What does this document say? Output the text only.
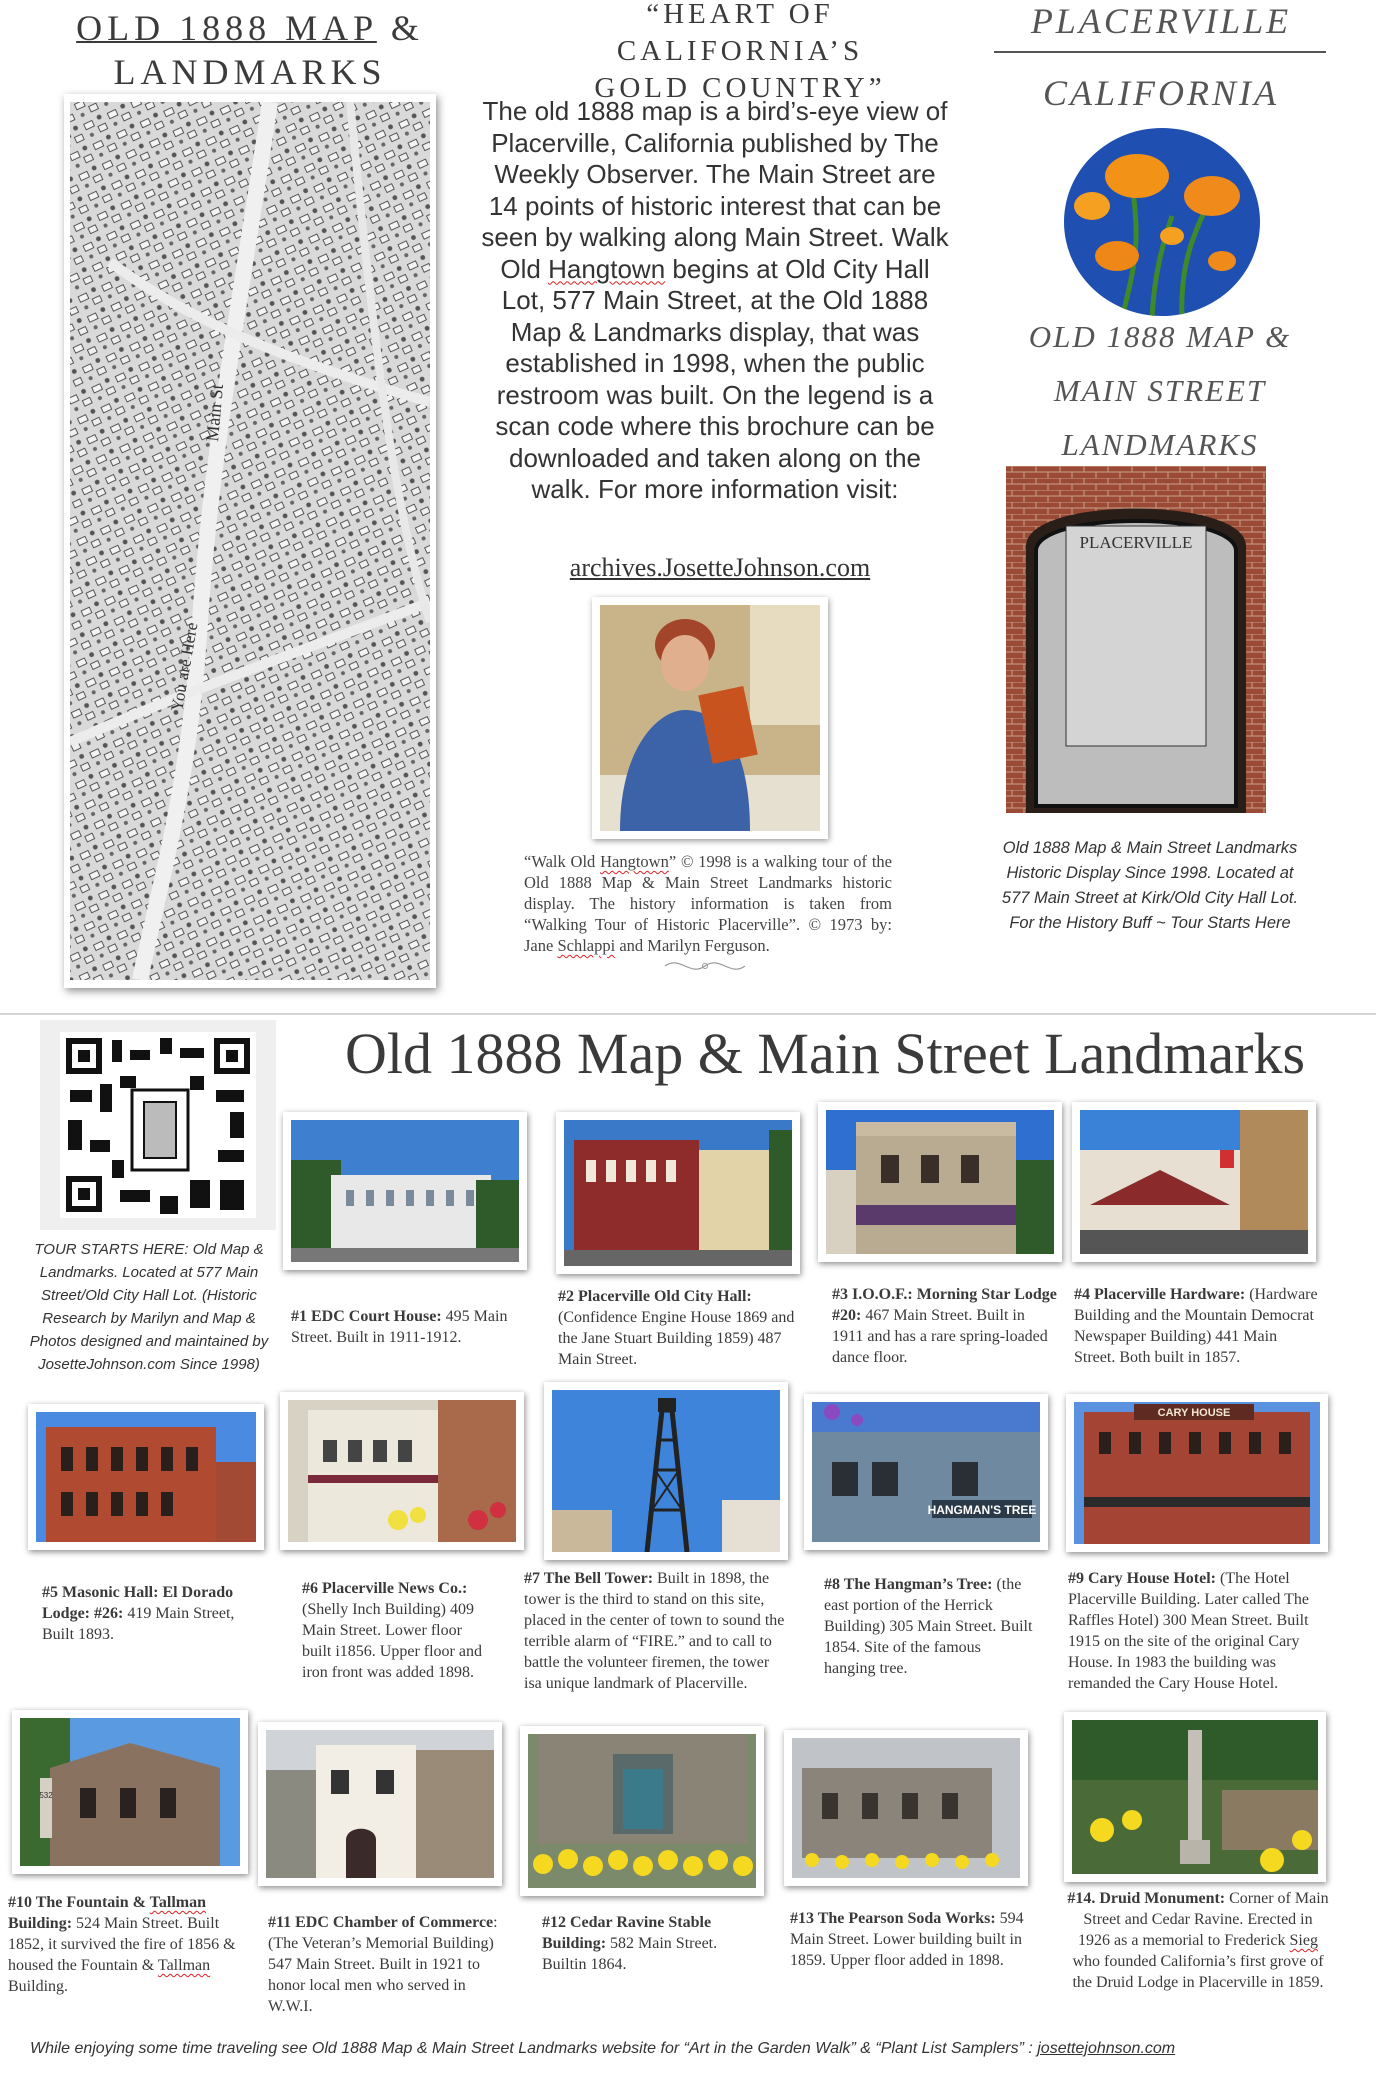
OLD 1888 MAP &
LANDMARKS
Main St
You are Here
“HEART OF
CALIFORNIA’S
GOLD COUNTRY”
The old 1888 map is a bird’s-eye view of Placerville, California published by The Weekly Observer. The Main Street are 14 points of historic interest that can be seen by walking along Main Street. Walk Old Hangtown begins at Old City Hall Lot, 577 Main Street, at the Old 1888 Map & Landmarks display, that was established in 1998, when the public restroom was built. On the legend is a scan code where this brochure can be downloaded and taken along on the walk. For more information visit:
archives.JosetteJohnson.com
“Walk Old Hangtown” © 1998 is a walking tour of the Old 1888 Map & Main Street Landmarks historic display. The history information is taken from “Walking Tour of Historic Placerville”. © 1973 by: Jane Schlappi and Marilyn Ferguson.
PLACERVILLE
CALIFORNIA
OLD 1888 MAP &
MAIN STREET
LANDMARKS
PLACERVILLE
Old 1888 Map & Main Street Landmarks Historic Display Since 1998. Located at 577 Main Street at Kirk/Old City Hall Lot. For the History Buff ~ Tour Starts Here
TOUR STARTS HERE: Old Map & Landmarks. Located at 577 Main Street/Old City Hall Lot. (Historic Research by Marilyn and Map & Photos designed and maintained by JosetteJohnson.com Since 1998)
Old 1888 Map & Main Street Landmarks
#1 EDC Court House: 495 Main Street. Built in 1911-1912.
#2 Placerville Old City Hall: (Confidence Engine House 1869 and the Jane Stuart Building 1859) 487 Main Street.
#3 I.O.O.F.: Morning Star Lodge #20: 467 Main Street. Built in 1911 and has a rare spring-loaded dance floor.
#4 Placerville Hardware: (Hardware Building and the Mountain Democrat Newspaper Building) 441 Main Street. Both built in 1857.
#5 Masonic Hall: El Dorado Lodge: #26: 419 Main Street, Built 1893.
#6 Placerville News Co.: (Shelly Inch Building) 409 Main Street. Lower floor built i1856. Upper floor and iron front was added 1898.
#7 The Bell Tower: Built in 1898, the tower is the third to stand on this site, placed in the center of town to sound the terrible alarm of “FIRE.” and to call to battle the volunteer firemen, the tower isa unique landmark of Placerville.
HANGMAN'S TREE
#8 The Hangman’s Tree: (the east portion of the Herrick Building) 305 Main Street. Built 1854. Site of the famous hanging tree.
CARY HOUSE
#9 Cary House Hotel: (The Hotel Placerville Building. Later called The Raffles Hotel) 300 Mean Street. Built 1915 on the site of the original Cary House. In 1983 the building was remanded the Cary House Hotel.
532
#10 The Fountain & Tallman Building: 524 Main Street. Built 1852, it survived the fire of 1856 & housed the Fountain & Tallman Building.
#11 EDC Chamber of Commerce: (The Veteran’s Memorial Building) 547 Main Street. Built in 1921 to honor local men who served in W.W.I.
#12 Cedar Ravine Stable Building: 582 Main Street. Builtin 1864.
#13 The Pearson Soda Works: 594 Main Street. Lower building built in 1859. Upper floor added in 1898.
#14. Druid Monument: Corner of Main Street and Cedar Ravine. Erected in 1926 as a memorial to Frederick Sieg who founded California’s first grove of the Druid Lodge in Placerville in 1859.
While enjoying some time traveling see Old 1888 Map & Main Street Landmarks website for “Art in the Garden Walk” & “Plant List Samplers” : josettejohnson.com
